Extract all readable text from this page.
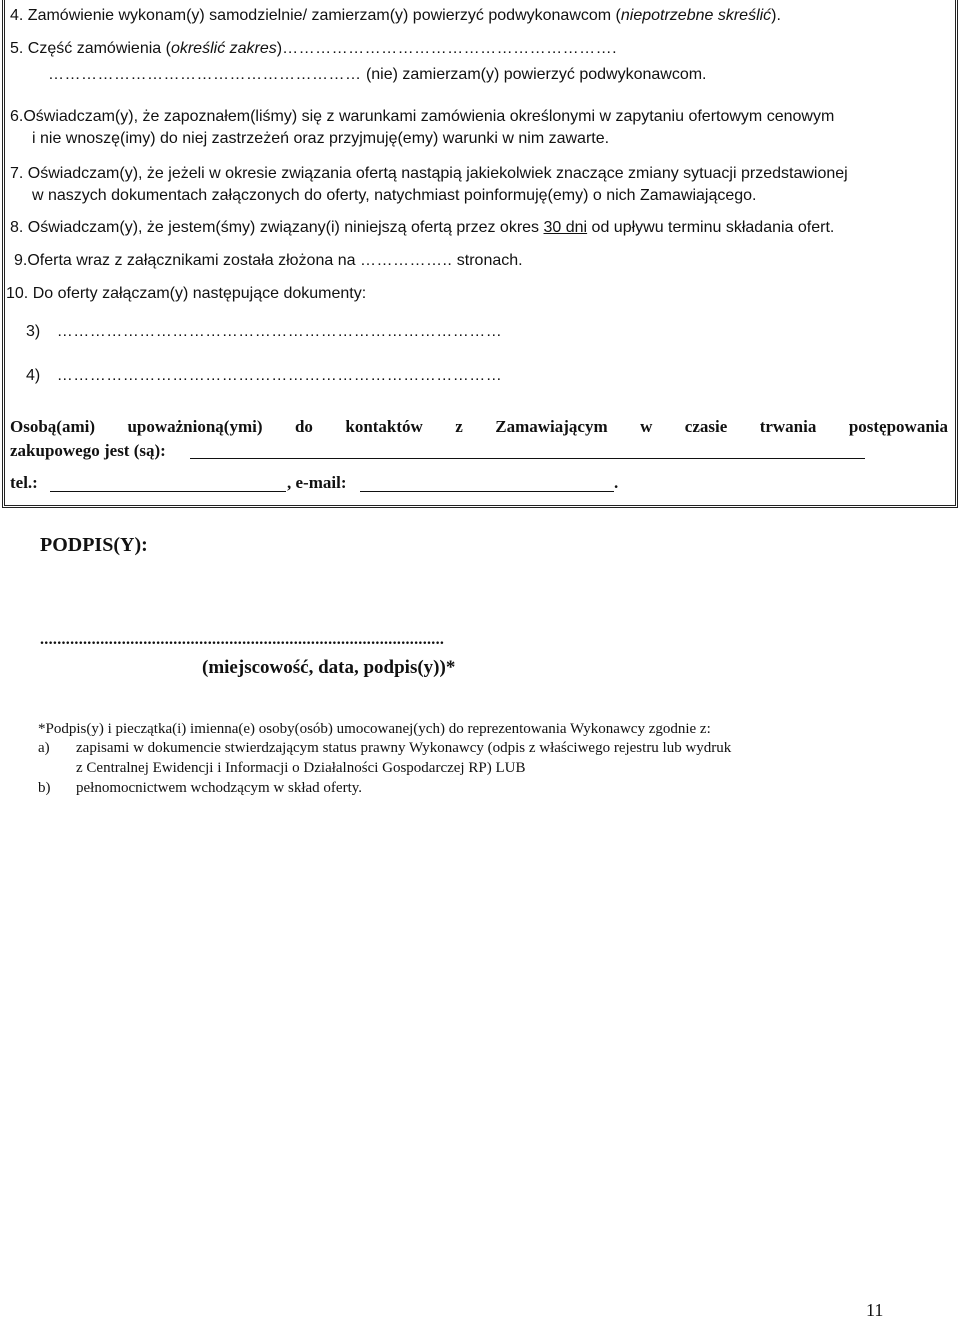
4. Zamówienie wykonam(y) samodzielnie/ zamierzam(y) powierzyć podwykonawcom (niepotrzebne skreślić).
5. Część zamówienia (określić zakres)…………………………………………………….
………………………………………………… (nie) zamierzam(y) powierzyć podwykonawcom.
6.Oświadczam(y), że zapoznałem(liśmy) się z warunkami zamówienia określonymi w zapytaniu ofertowym cenowym
i nie wnoszę(imy) do niej zastrzeżeń oraz przyjmuję(emy) warunki w nim zawarte.
7. Oświadczam(y), że jeżeli w okresie związania ofertą nastąpią jakiekolwiek znaczące zmiany sytuacji przedstawionej
w naszych dokumentach załączonych do oferty, natychmiast poinformuję(emy) o nich Zamawiającego.
8. Oświadczam(y), że jestem(śmy) związany(i) niniejszą ofertą przez okres 30 dni od upływu terminu składania ofert.
9.Oferta wraz z załącznikami została złożona na …………….. stronach.
10. Do oferty załączam(y) następujące dokumenty:
3) ………………………………………………………………………
4) ………………………………………………………………………
Osobą(ami) upoważnioną(ymi) do kontaktów z Zamawiającym w czasie trwania postępowania
zakupowego jest (są):
tel.:	, e-mail:	.
PODPIS(Y):
..............................................................................................
(miejscowość, data, podpis(y))*
*Podpis(y) i pieczątka(i) imienna(e) osoby(osób) umocowanej(ych) do reprezentowania Wykonawcy zgodnie z:
a) zapisami w dokumencie stwierdzającym status prawny Wykonawcy (odpis z właściwego rejestru lub wydruk
z Centralnej Ewidencji i Informacji o Działalności Gospodarczej RP) LUB
b) pełnomocnictwem wchodzącym w skład oferty.
11
